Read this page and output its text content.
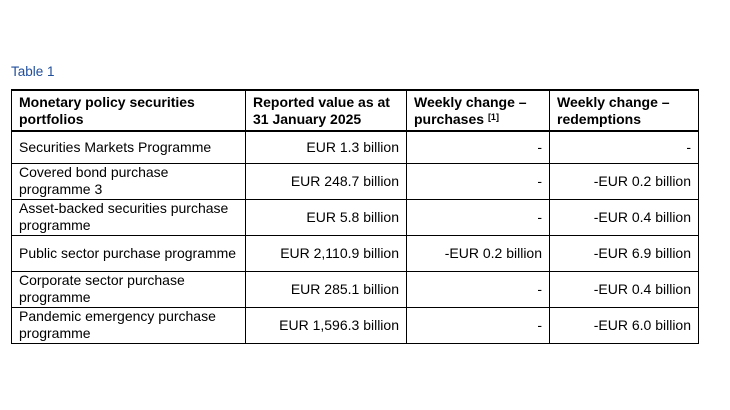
Table 1
Monetary policy securities portfolios	Reported value as at 31 January 2025	Weekly change – purchases [1]	Weekly change – redemptions
Securities Markets Programme	EUR 1.3 billion	-	-
Covered bond purchase programme 3	EUR 248.7 billion	-	-EUR 0.2 billion
Asset-backed securities purchase programme	EUR 5.8 billion	-	-EUR 0.4 billion
Public sector purchase programme	EUR 2,110.9 billion	-EUR 0.2 billion	-EUR 6.9 billion
Corporate sector purchase programme	EUR 285.1 billion	-	-EUR 0.4 billion
Pandemic emergency purchase programme	EUR 1,596.3 billion	-	-EUR 6.0 billion
